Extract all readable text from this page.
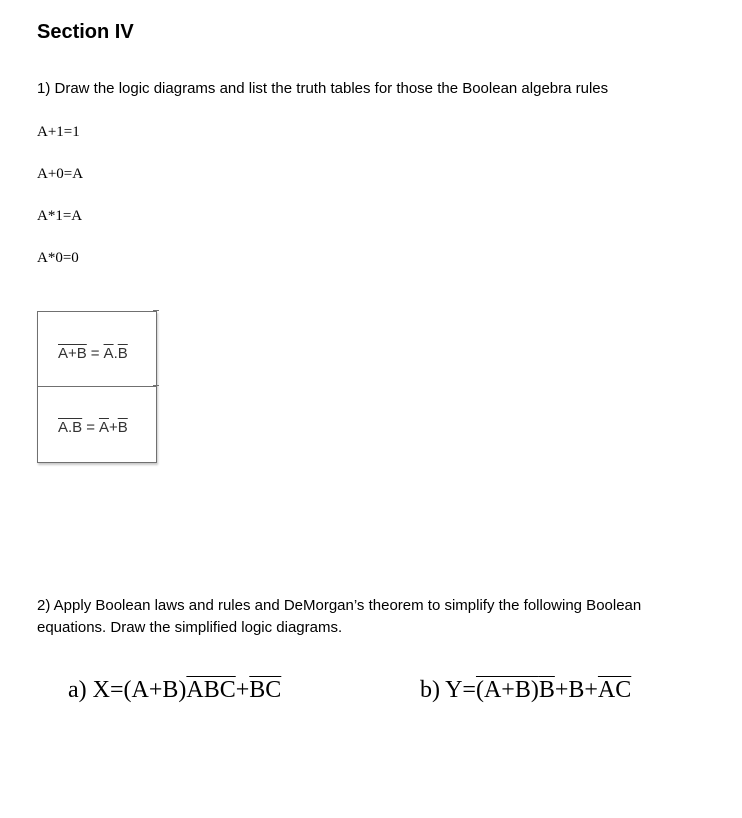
Section IV
1) Draw the logic diagrams and list the truth tables for those the Boolean algebra rules
A+1=1
A+0=A
A*1=A
A*0=0
$A+B = \overline{A}.\overline{B}$
$A.B = \overline{A}+\overline{B}$
2) Apply Boolean laws and rules and DeMorgan’s theorem to simplify the following Boolean equations. Draw the simplified logic diagrams.
a) $X=(A+B)\overline{ABC}+\overline{BC}$	b) $Y=(A+B)\overline{B}+B+\overline{AC}$
